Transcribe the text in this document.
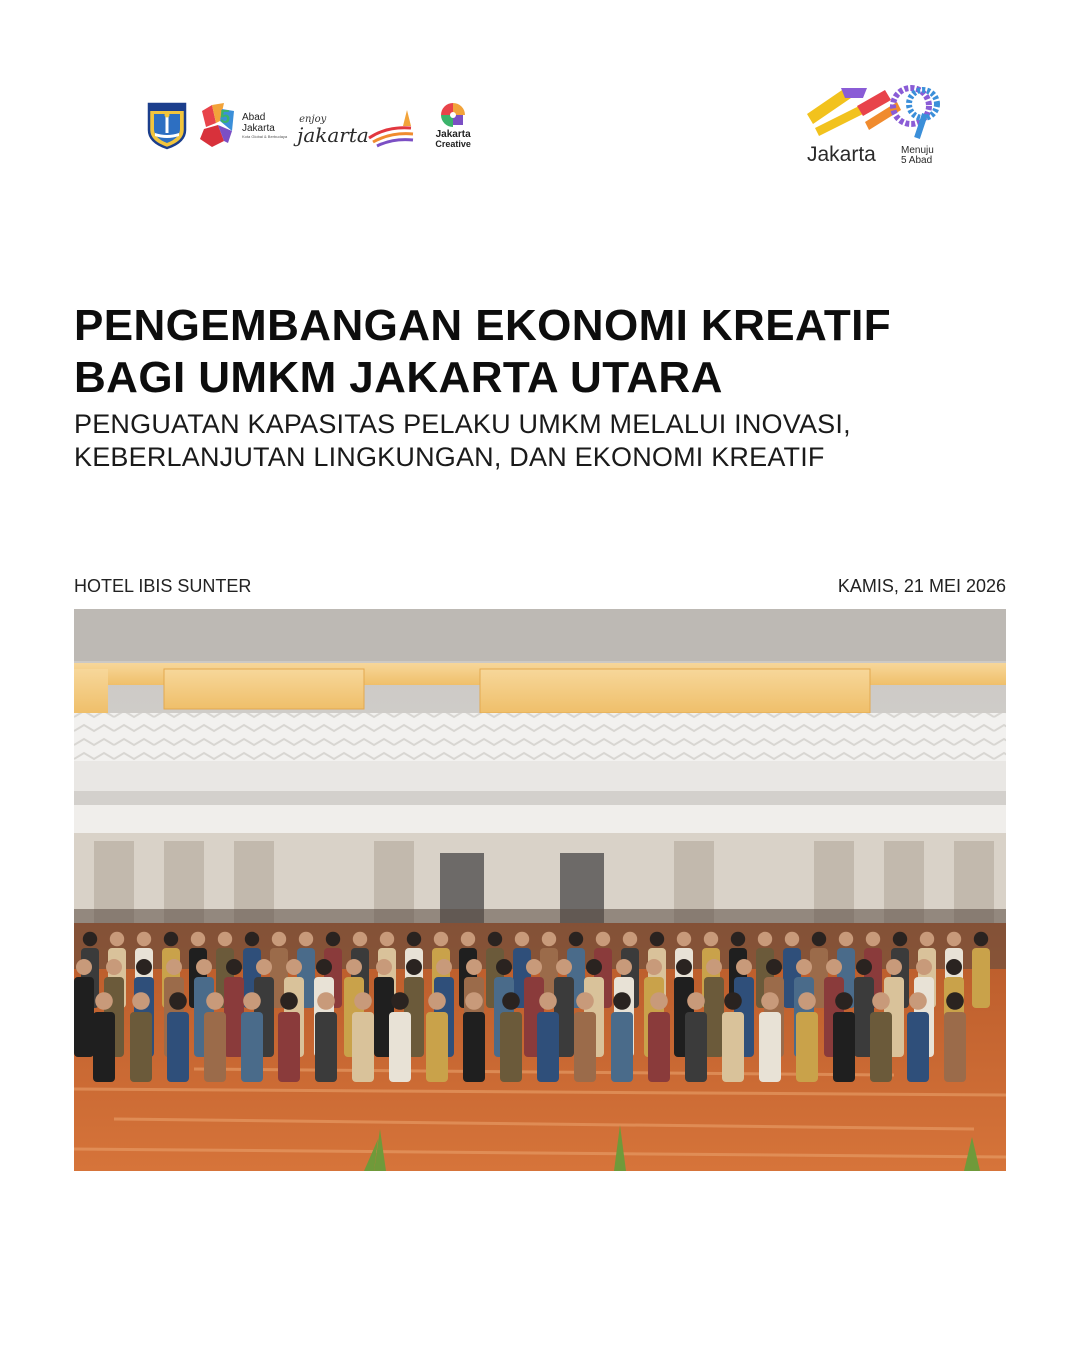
5 Abad
Jakarta
Kota Global & Berbudaya
enjoy
jakarta	Jakarta
Creative	Jakarta	Menuju
5 Abad
PENGEMBANGAN EKONOMI KREATIF
BAGI UMKM JAKARTA UTARA

PENGUATAN KAPASITAS PELAKU UMKM MELALUI INOVASI,
KEBERLANJUTAN LINGKUNGAN, DAN EKONOMI KREATIF

HOTEL IBIS SUNTER	KAMIS, 21 MEI 2026
